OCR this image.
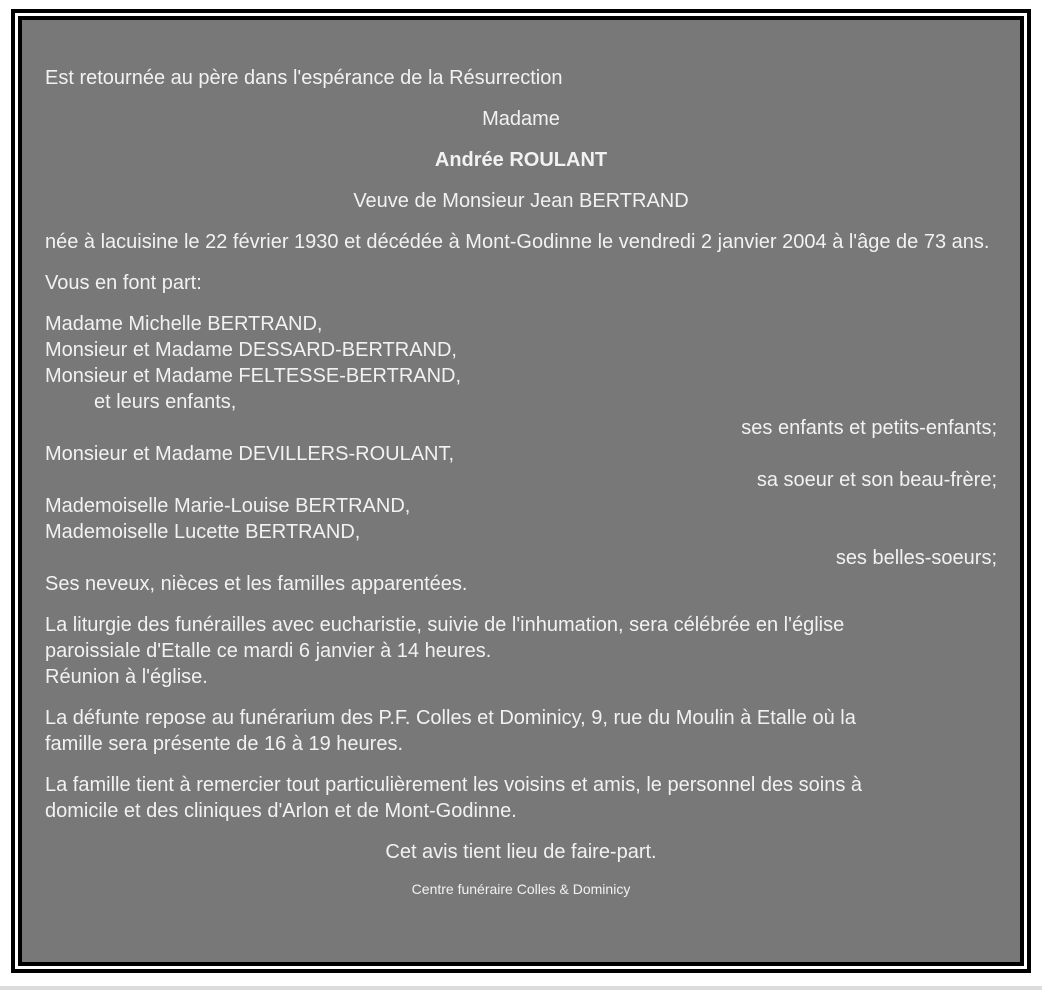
Est retournée au père dans l'espérance de la Résurrection

Madame

Andrée ROULANT

Veuve de Monsieur Jean BERTRAND

née à lacuisine le 22 février 1930 et décédée à Mont-Godinne le vendredi 2 janvier 2004 à l'âge de 73 ans.

Vous en font part:

Madame Michelle BERTRAND,
Monsieur et Madame DESSARD-BERTRAND,
Monsieur et Madame FELTESSE-BERTRAND,
et leurs enfants,
ses enfants et petits-enfants;
Monsieur et Madame DEVILLERS-ROULANT,
sa soeur et son beau-frère;
Mademoiselle Marie-Louise BERTRAND,
Mademoiselle Lucette BERTRAND,
ses belles-soeurs;
Ses neveux, nièces et les familles apparentées.

La liturgie des funérailles avec eucharistie, suivie de l'inhumation, sera célébrée en l'église
paroissiale d'Etalle ce mardi 6 janvier à 14 heures.
Réunion à l'église.

La défunte repose au funérarium des P.F. Colles et Dominicy, 9, rue du Moulin à Etalle où la
famille sera présente de 16 à 19 heures.

La famille tient à remercier tout particulièrement les voisins et amis, le personnel des soins à
domicile et des cliniques d'Arlon et de Mont-Godinne.

Cet avis tient lieu de faire-part.

Centre funéraire Colles & Dominicy
